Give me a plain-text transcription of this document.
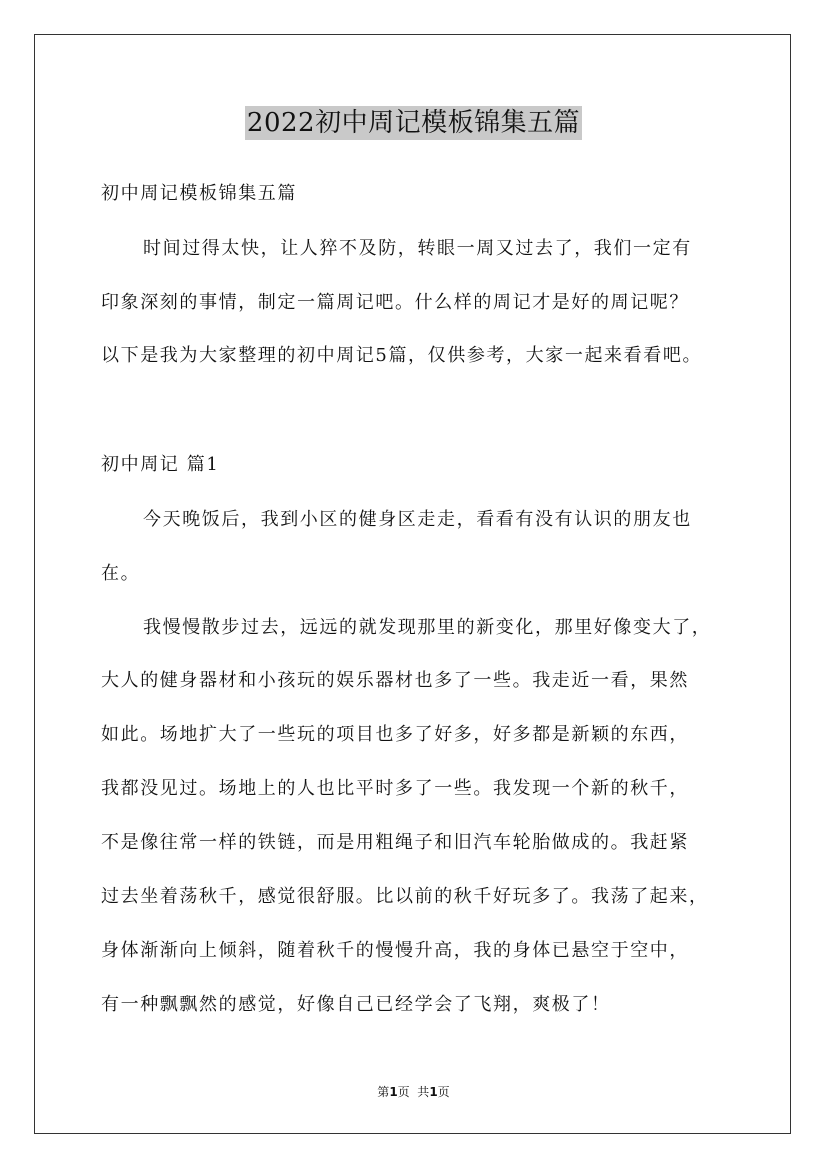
2022初中周记模板锦集五篇
初中周记模板锦集五篇
时间过得太快，让人猝不及防，转眼一周又过去了，我们一定有
印象深刻的事情，制定一篇周记吧。什么样的周记才是好的周记呢？
以下是我为大家整理的初中周记5篇，仅供参考，大家一起来看看吧。
初中周记 篇1
今天晚饭后，我到小区的健身区走走，看看有没有认识的朋友也
在。
我慢慢散步过去，远远的就发现那里的新变化，那里好像变大了，
大人的健身器材和小孩玩的娱乐器材也多了一些。我走近一看，果然
如此。场地扩大了一些玩的项目也多了好多，好多都是新颖的东西，
我都没见过。场地上的人也比平时多了一些。我发现一个新的秋千，
不是像往常一样的铁链，而是用粗绳子和旧汽车轮胎做成的。我赶紧
过去坐着荡秋千，感觉很舒服。比以前的秋千好玩多了。我荡了起来，
身体渐渐向上倾斜，随着秋千的慢慢升高，我的身体已悬空于空中，
有一种飘飘然的感觉，好像自己已经学会了飞翔，爽极了！
第1页  共1页
